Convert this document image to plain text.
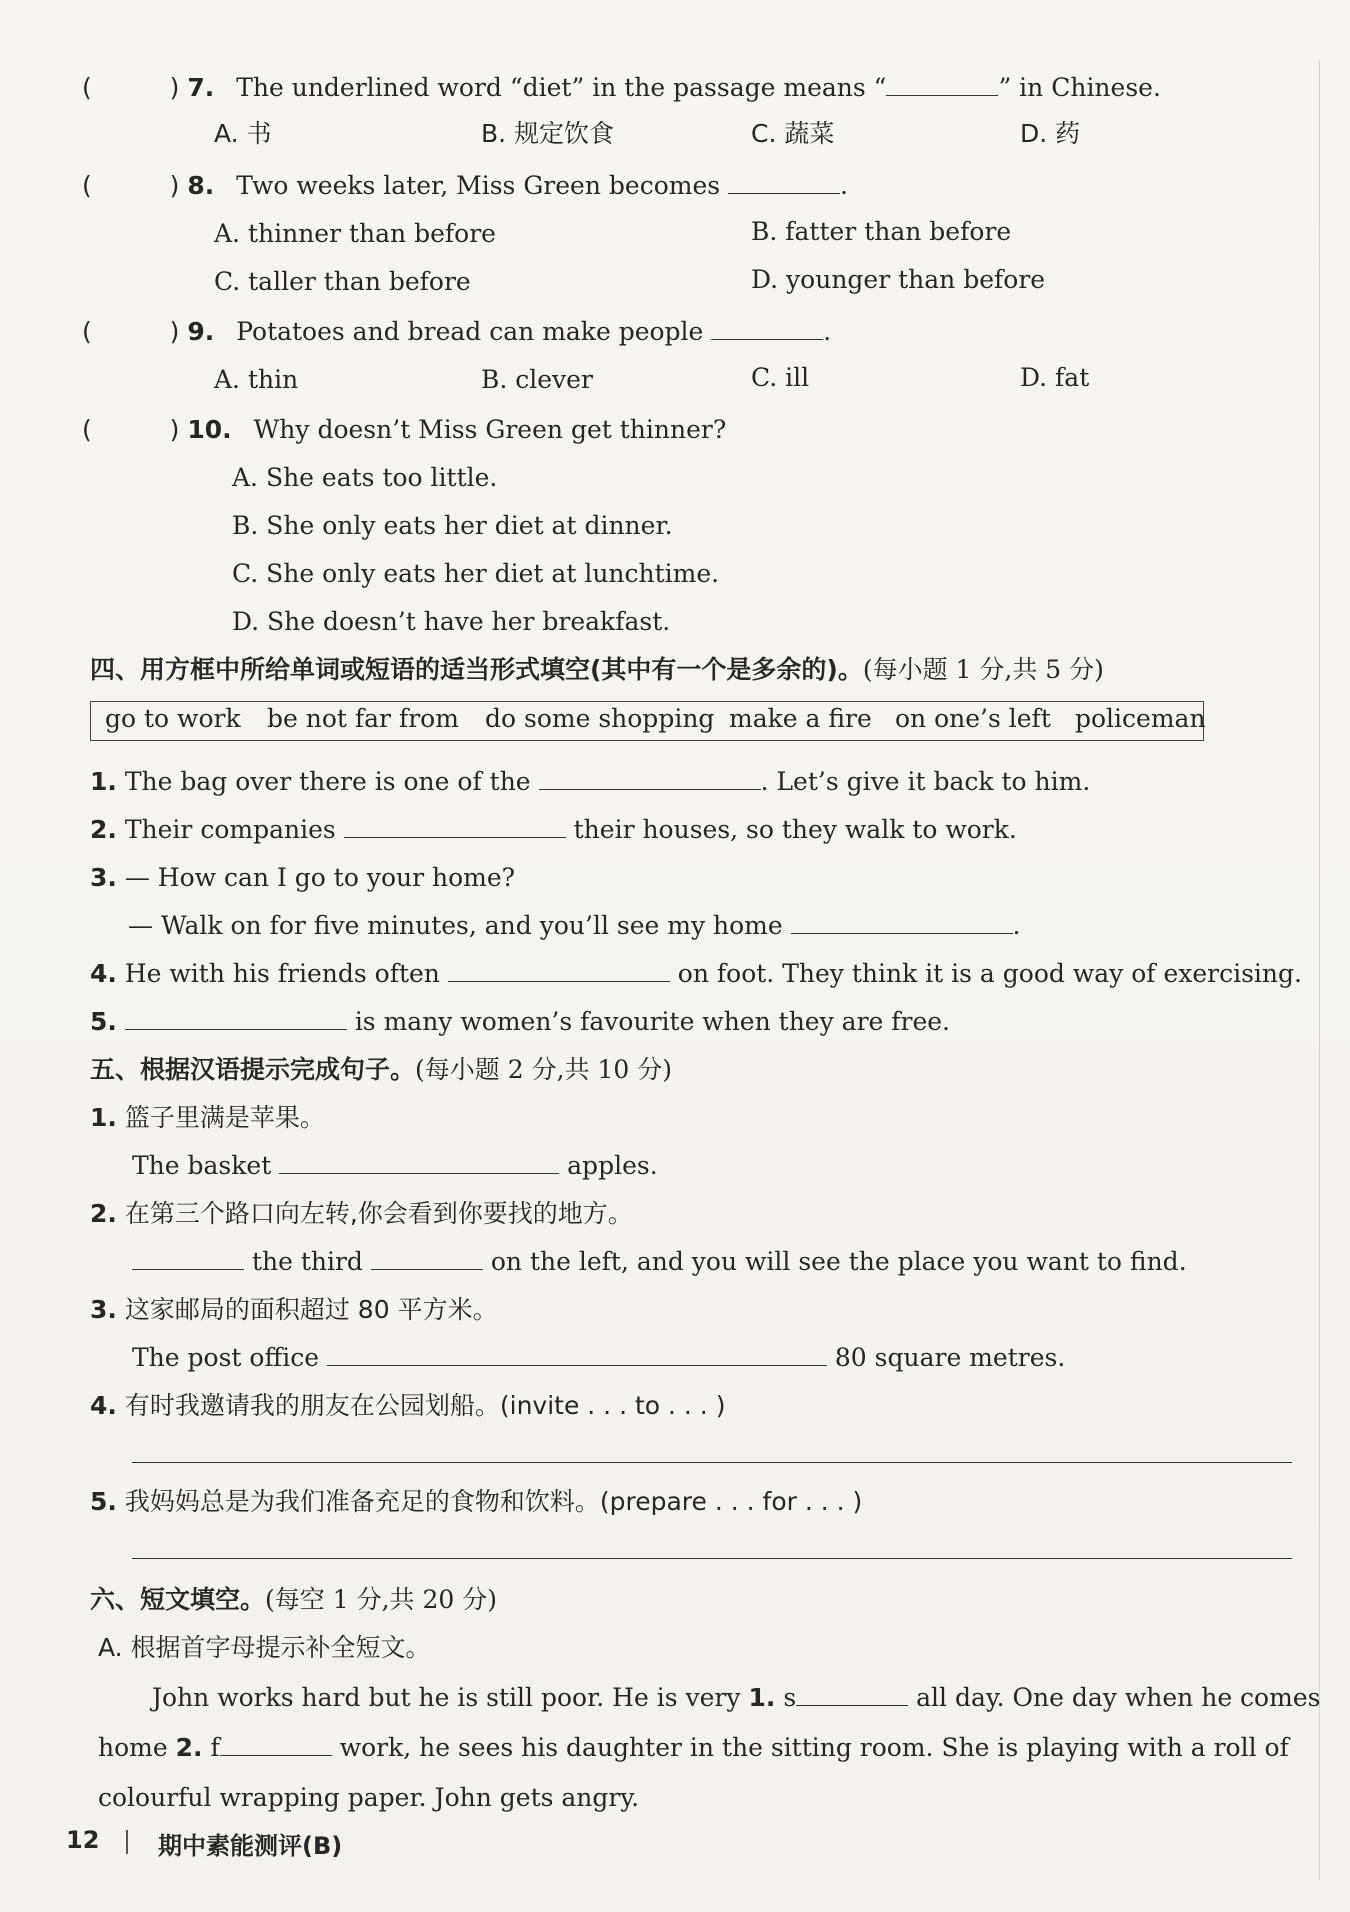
(	) 7. The underlined word “diet” in the passage means “	” in Chinese.
A. 书	B. 规定饮食	C. 蔬菜	D. 药
(	) 8. Two weeks later, Miss Green becomes	.
A. thinner than before	B. fatter than before
C. taller than before	D. younger than before
(	) 9. Potatoes and bread can make people	.
A. thin	B. clever	C. ill	D. fat
(	) 10. Why doesn’t Miss Green get thinner?
A. She eats too little.
B. She only eats her diet at dinner.
C. She only eats her diet at lunchtime.
D. She doesn’t have her breakfast.
四、用方框中所给单词或短语的适当形式填空(其中有一个是多余的)。(每小题 1 分,共 5 分)
go to work be not far from do some shopping make a fire on one’s left policeman
1. The bag over there is one of the	. Let’s give it back to him.
2. Their companies	their houses, so they walk to work.
3. — How can I go to your home?
— Walk on for five minutes, and you’ll see my home	.
4. He with his friends often	on foot. They think it is a good way of exercising.
5.	is many women’s favourite when they are free.
五、根据汉语提示完成句子。(每小题 2 分,共 10 分)
1. 篮子里满是苹果。
The basket	apples.
2. 在第三个路口向左转,你会看到你要找的地方。
the third	on the left, and you will see the place you want to find.
3. 这家邮局的面积超过 80 平方米。
The post office	80 square metres.
4. 有时我邀请我的朋友在公园划船。(invite . . . to . . . )
5. 我妈妈总是为我们准备充足的食物和饮料。(prepare . . . for . . . )
六、短文填空。(每空 1 分,共 20 分)
A. 根据首字母提示补全短文。
John works hard but he is still poor. He is very 1. s	all day. One day when he comes
home 2. f	work, he sees his daughter in the sitting room. She is playing with a roll of
colourful wrapping paper. John gets angry.
12 期中素能测评(B)
